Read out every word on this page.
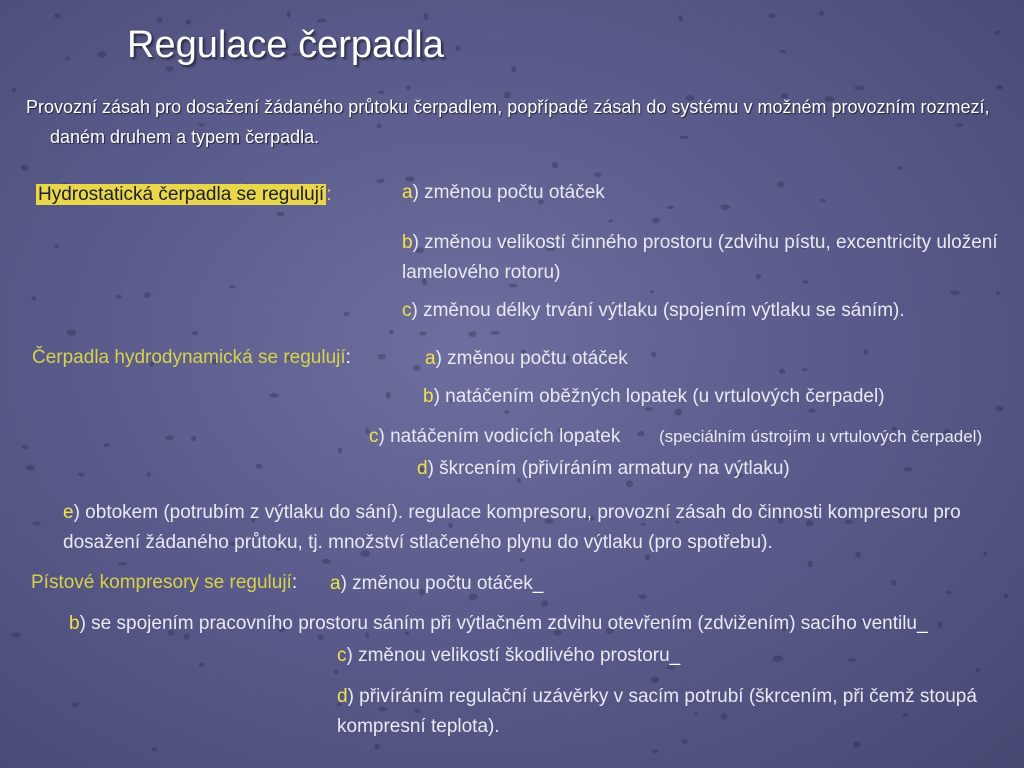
Regulace čerpadla
Provozní zásah pro dosažení žádaného průtoku čerpadlem, popřípadě zásah do systému v možném provozním rozmezí, daném druhem a typem čerpadla.
Hydrostatická čerpadla se regulují :	a) změnou počtu otáček
b) změnou velikostí činného prostoru (zdvihu pístu, excentricity uložení lamelového rotoru)
c) změnou délky trvání výtlaku (spojením výtlaku se sáním).
Čerpadla hydrodynamická se regulují:	a) změnou počtu otáček
b) natáčením oběžných lopatek (u vrtulových čerpadel)
c) natáčením vodicích lopatek (speciálním ústrojím u vrtulových čerpadel)
d) škrcením (přivíráním armatury na výtlaku)
e) obtokem (potrubím z výtlaku do sání). regulace kompresoru, provozní zásah do činnosti kompresoru pro dosažení žádaného průtoku, tj. množství stlačeného plynu do výtlaku (pro spotřebu).
Pístové kompresory se regulují: a) změnou počtu otáček_
b) se spojením pracovního prostoru sáním při výtlačném zdvihu otevřením (zdvižením) sacího ventilu_
c) změnou velikostí škodlivého prostoru_
d) přivíráním regulační uzávěrky v sacím potrubí (škrcením, při čemž stoupá kompresní teplota).
